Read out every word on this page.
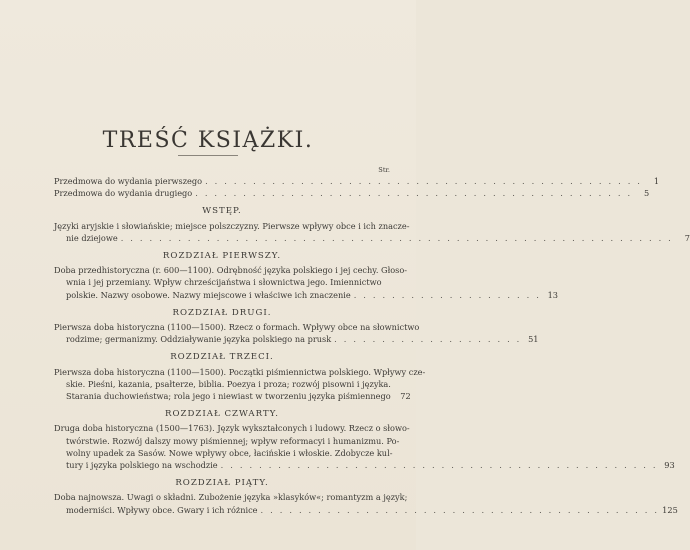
TREŚĆ KSIĄŻKI.
Str.
Przedmowa do wydania pierwszego . . . . . . . . . . . . . . . . . . . . . . . . . . . . . . . . . . . . . . . . . . . . . .	1
Przedmowa do wydania drugiego . . . . . . . . . . . . . . . . . . . . . . . . . . . . . . . . . . . . . . . . . . . . . .	5
WSTĘP.
Języki aryjskie i słowiańskie; miejsce polszczyzny. Pierwsze wpływy obce i ich znacze-
nie dziejowe . . . . . . . . . . . . . . . . . . . . . . . . . . . . . . . . . . . . . . . . . . . . . . . . . . . . . . . . . .	7
ROZDZIAŁ PIERWSZY.
Doba przedhistoryczna (r. 600—1100). Odrębność języka polskiego i jej cechy. Głoso-
wnia i jej przemiany. Wpływ chrześcijaństwa i słownictwa jego. Imiennictwo
polskie. Nazwy osobowe. Nazwy miejscowe i właściwe ich znaczenie . . . . . . . . . . . . . . . . . . . . 13
ROZDZIAŁ DRUGI.
Pierwsza doba historyczna (1100—1500). Rzecz o formach. Wpływy obce na słownictwo
rodzime; germanizmy. Oddziaływanie języka polskiego na prusk . . . . . . . . . . . . . . . . . . . . 51
ROZDZIAŁ TRZECI.
Pierwsza doba historyczna (1100—1500). Początki piśmiennictwa polskiego. Wpływy cze-
skie. Pieśni, kazania, psałterze, biblia. Poezya i proza; rozwój pisowni i języka.
Starania duchowieństwa; rola jego i niewiast w tworzeniu języka piśmiennego	72
ROZDZIAŁ CZWARTY.
Druga doba historyczna (1500—1763). Język wykształconych i ludowy. Rzecz o słowo-
twórstwie. Rozwój dalszy mowy piśmiennej; wpływ reformacyi i humanizmu. Po-
wolny upadek za Sasów. Nowe wpływy obce, łacińskie i włoskie. Zdobycze kul-
tury i języka polskiego na wschodzie . . . . . . . . . . . . . . . . . . . . . . . . . . . . . . . . . . . . . . . . . . . . . . 93
ROZDZIAŁ PIĄTY.
Doba najnowsza. Uwagi o składni. Zubożenie języka »klasyków«; romantyzm a język;
moderniści. Wpływy obce. Gwary i ich różnice . . . . . . . . . . . . . . . . . . . . . . . . . . . . . . . . . . . . . . . . . . 125
